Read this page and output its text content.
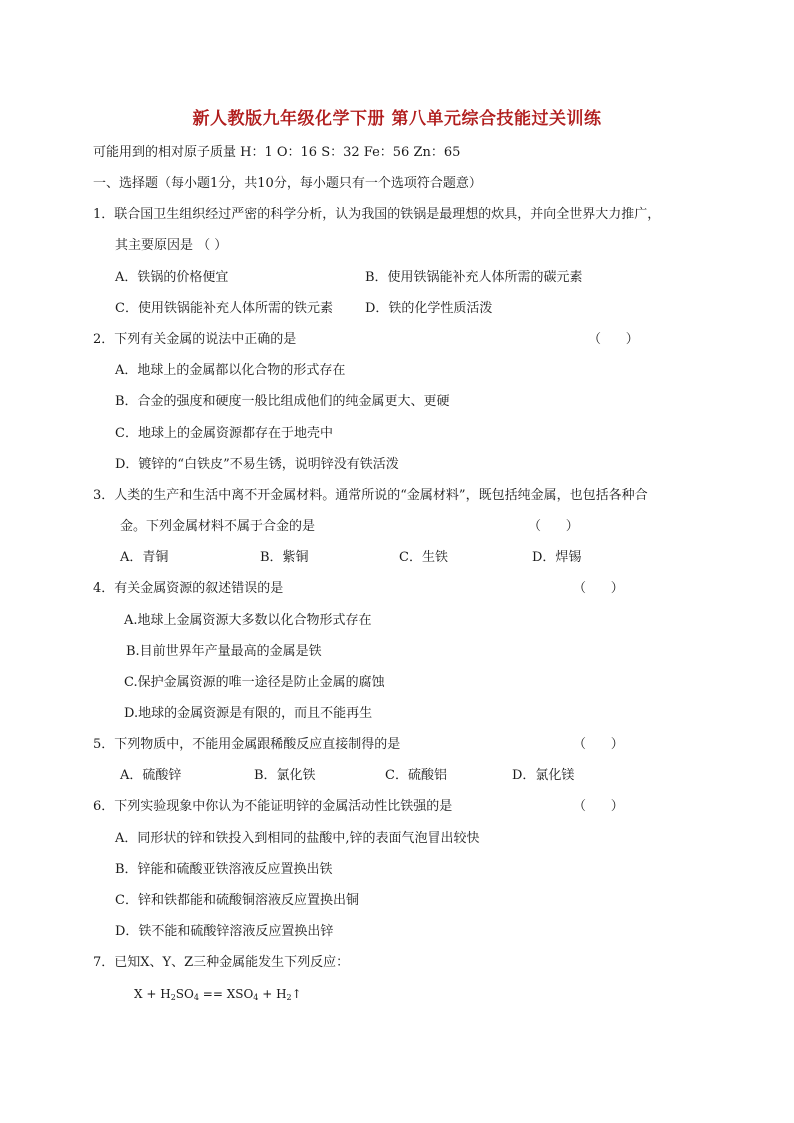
新人教版九年级化学下册 第八单元综合技能过关训练
可能用到的相对原子质量 H：1 O：16 S：32 Fe：56 Zn：65
一、选择题（每小题1分，共10分，每小题只有一个选项符合题意）
1．联合国卫生组织经过严密的科学分析，认为我国的铁锅是最理想的炊具，并向全世界大力推广，
其主要原因是 （ ）
A．铁锅的价格便宜	B．使用铁锅能补充人体所需的碳元素
C．使用铁锅能补充人体所需的铁元素 D．铁的化学性质活泼
2．下列有关金属的说法中正确的是	（      ）
A．地球上的金属都以化合物的形式存在
B．合金的强度和硬度一般比组成他们的纯金属更大、更硬
C．地球上的金属资源都存在于地壳中
D．镀锌的“白铁皮”不易生锈，说明锌没有铁活泼
3．人类的生产和生活中离不开金属材料。通常所说的“金属材料”，既包括纯金属，也包括各种合
金。下列金属材料不属于合金的是	（      ）
A．青铜	B．紫铜	C．生铁	D．焊锡
4．有关金属资源的叙述错误的是	（      ）
A.地球上金属资源大多数以化合物形式存在
B.目前世界年产量最高的金属是铁
C.保护金属资源的唯一途径是防止金属的腐蚀
D.地球的金属资源是有限的，而且不能再生
5．下列物质中，不能用金属跟稀酸反应直接制得的是	（      ）
A．硫酸锌	B．氯化铁	C．硫酸铝	D．氯化镁
6．下列实验现象中你认为不能证明锌的金属活动性比铁强的是	（      ）
A．同形状的锌和铁投入到相同的盐酸中,锌的表面气泡冒出较快
B．锌能和硫酸亚铁溶液反应置换出铁
C．锌和铁都能和硫酸铜溶液反应置换出铜
D．铁不能和硫酸锌溶液反应置换出锌
7．已知X、Y、Z三种金属能发生下列反应：
$X + H_2SO_4 == XSO_4$ + $H_2↑$
